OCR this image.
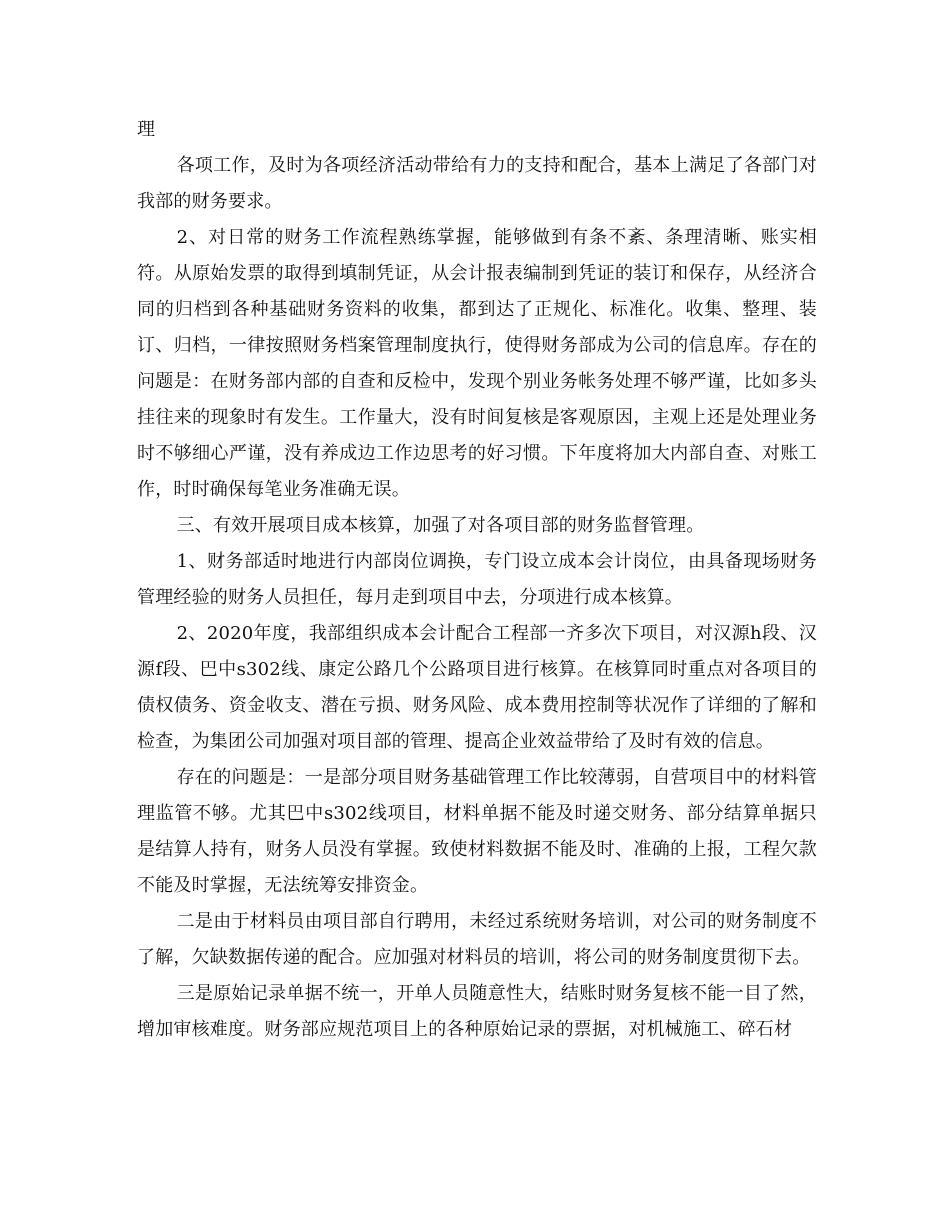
理

各项工作，及时为各项经济活动带给有力的支持和配合，基本上满足了各部门对我部的财务要求。

2、对日常的财务工作流程熟练掌握，能够做到有条不紊、条理清晰、账实相符。从原始发票的取得到填制凭证，从会计报表编制到凭证的装订和保存，从经济合同的归档到各种基础财务资料的收集，都到达了正规化、标准化。收集、整理、装订、归档，一律按照财务档案管理制度执行，使得财务部成为公司的信息库。存在的问题是：在财务部内部的自查和反检中，发现个别业务帐务处理不够严谨，比如多头挂往来的现象时有发生。工作量大，没有时间复核是客观原因，主观上还是处理业务时不够细心严谨，没有养成边工作边思考的好习惯。下年度将加大内部自查、对账工作，时时确保每笔业务准确无误。

三、有效开展项目成本核算，加强了对各项目部的财务监督管理。

1、财务部适时地进行内部岗位调换，专门设立成本会计岗位，由具备现场财务管理经验的财务人员担任，每月走到项目中去，分项进行成本核算。

2、2020年度，我部组织成本会计配合工程部一齐多次下项目，对汉源h段、汉源f段、巴中s302线、康定公路几个公路项目进行核算。在核算同时重点对各项目的债权债务、资金收支、潜在亏损、财务风险、成本费用控制等状况作了详细的了解和检查，为集团公司加强对项目部的管理、提高企业效益带给了及时有效的信息。

存在的问题是：一是部分项目财务基础管理工作比较薄弱，自营项目中的材料管理监管不够。尤其巴中s302线项目，材料单据不能及时递交财务、部分结算单据只是结算人持有，财务人员没有掌握。致使材料数据不能及时、准确的上报，工程欠款不能及时掌握，无法统筹安排资金。

二是由于材料员由项目部自行聘用，未经过系统财务培训，对公司的财务制度不了解，欠缺数据传递的配合。应加强对材料员的培训，将公司的财务制度贯彻下去。

三是原始记录单据不统一，开单人员随意性大，结账时财务复核不能一目了然，增加审核难度。财务部应规范项目上的各种原始记录的票据，对机械施工、碎石材
